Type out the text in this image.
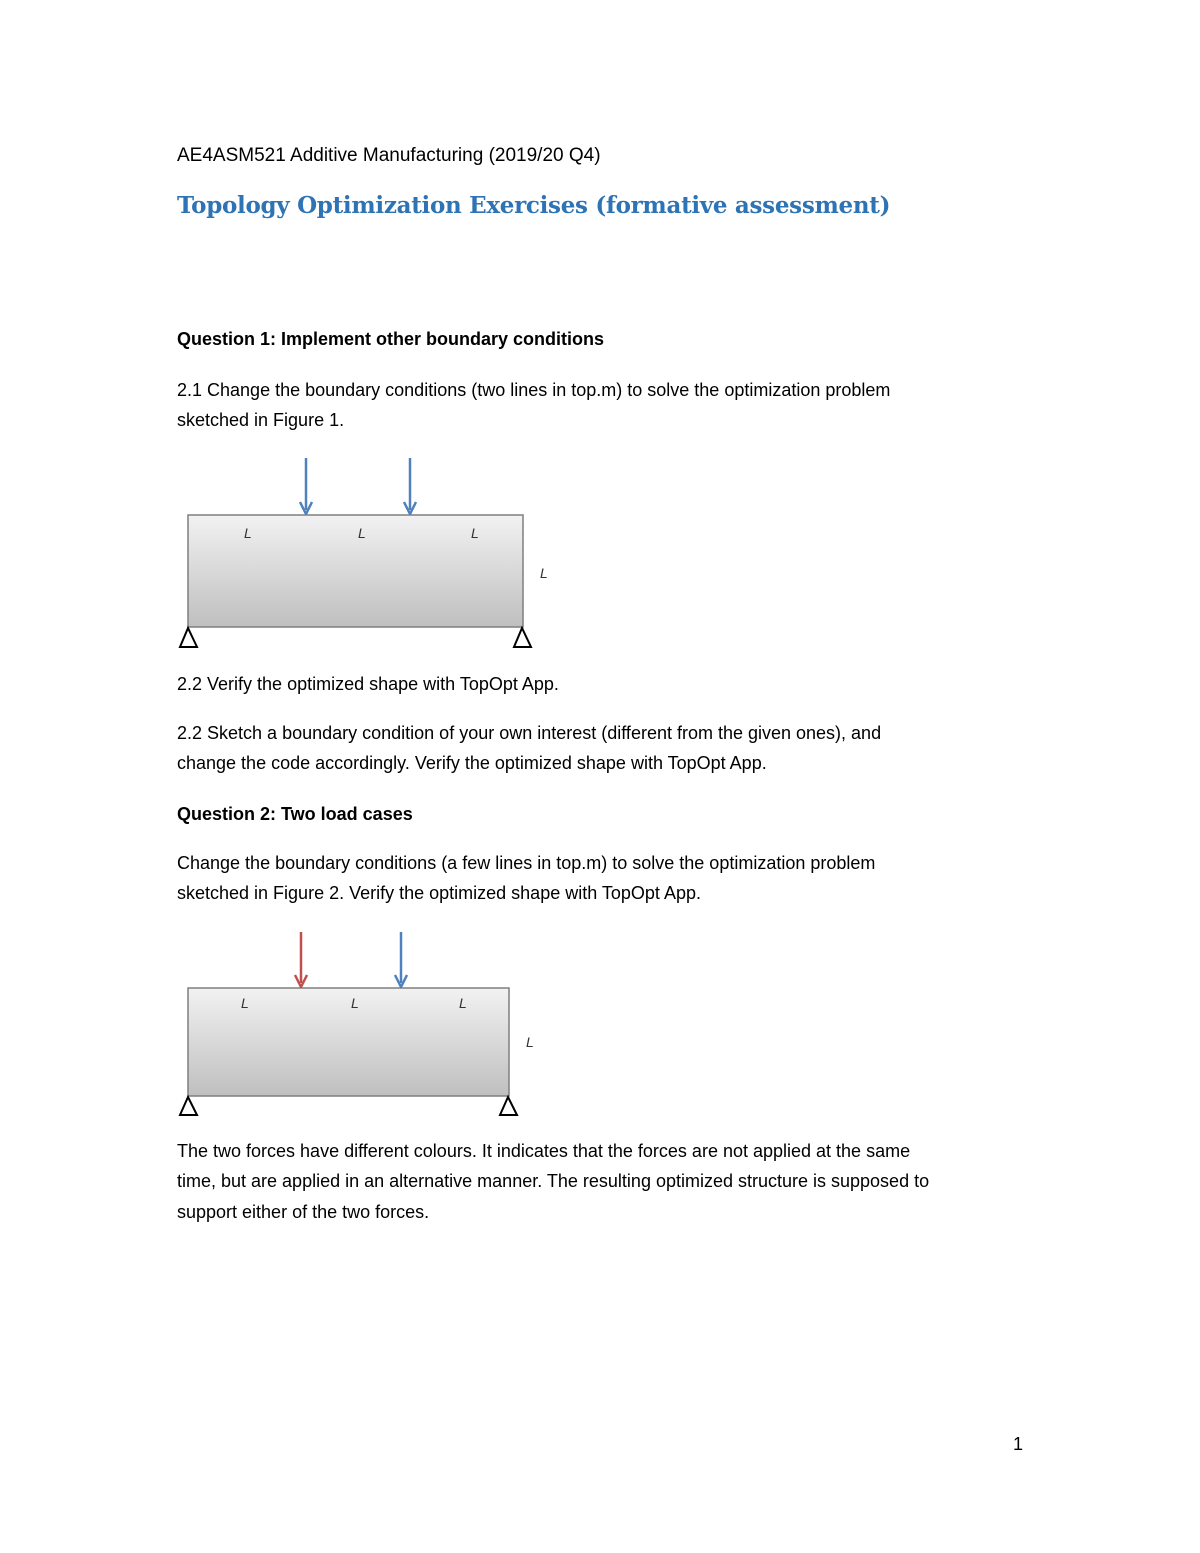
AE4ASM521 Additive Manufacturing (2019/20 Q4)
Topology Optimization Exercises (formative assessment)
Question 1: Implement other boundary conditions
2.1 Change the boundary conditions (two lines in top.m) to solve the optimization problem
sketched in Figure 1.
L	L	L
L
2.2 Verify the optimized shape with TopOpt App.
2.2 Sketch a boundary condition of your own interest (different from the given ones), and
change the code accordingly. Verify the optimized shape with TopOpt App.
Question 2: Two load cases
Change the boundary conditions (a few lines in top.m) to solve the optimization problem
sketched in Figure 2. Verify the optimized shape with TopOpt App.
L	L	L
L
The two forces have different colours. It indicates that the forces are not applied at the same
time, but are applied in an alternative manner. The resulting optimized structure is supposed to
support either of the two forces.
1
